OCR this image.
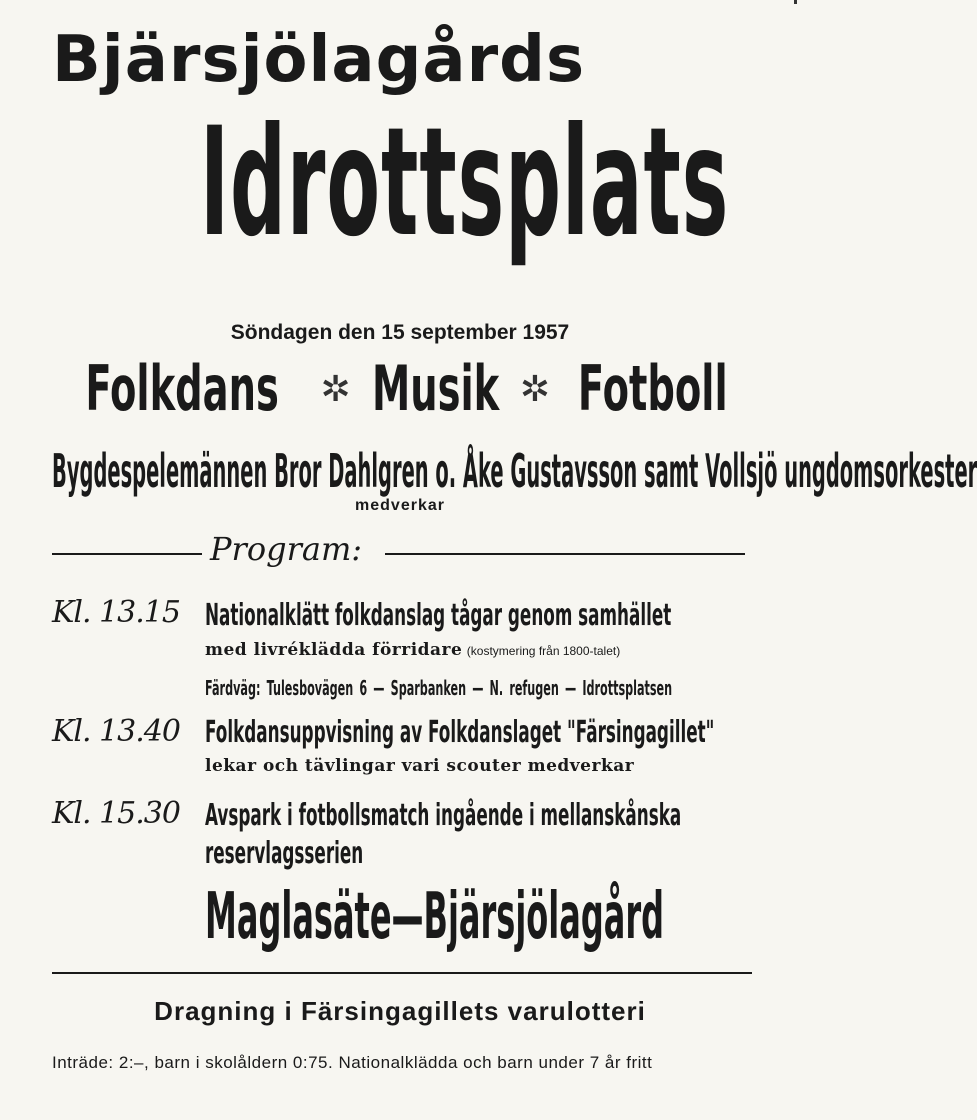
Bjärsjölagårds
Idrottsplats
Söndagen den 15 september 1957
Folkdans ✲ Musik ✲ Fotboll
Bygdespelemännen Bror Dahlgren o. Åke Gustavsson samt Vollsjö ungdomsorkester
medverkar
Program:
Kl. 13.15 Nationalklätt folkdanslag tågar genom samhället
med livréklädda förridare (kostymering från 1800-talet)
Färdväg: Tulesbovägen 6 — Sparbanken — N. refugen — Idrottsplatsen
Kl. 13.40 Folkdansuppvisning av Folkdanslaget "Färsingagillet"
lekar och tävlingar vari scouter medverkar
Kl. 15.30 Avspark i fotbollsmatch ingående i mellanskånska
reservlagsserien
Maglasäte—Bjärsjölagård
Dragning i Färsingagillets varulotteri
Inträde: 2:–, barn i skolåldern 0:75. Nationalklädda och barn under 7 år fritt
